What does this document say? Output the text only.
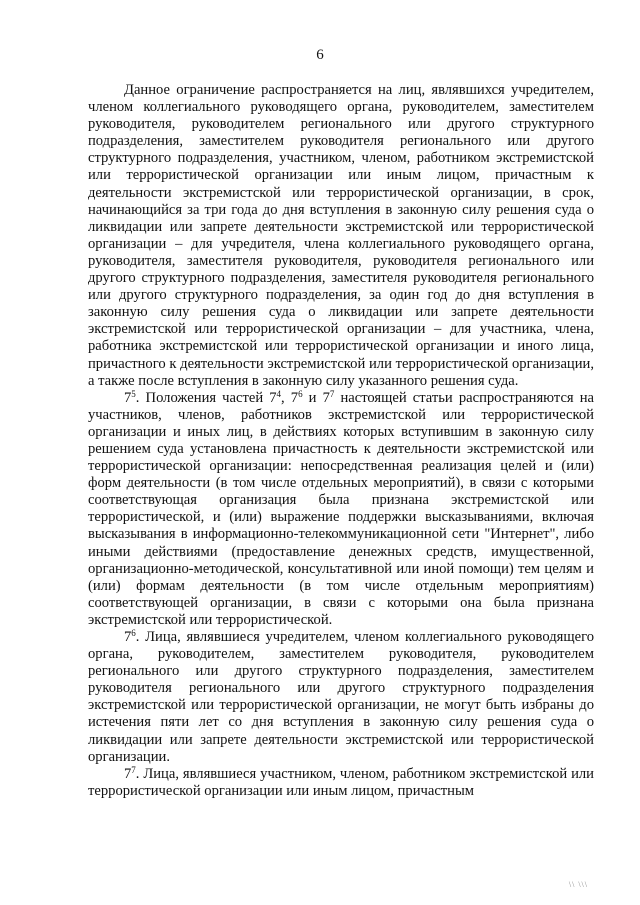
6

Данное ограничение распространяется на лиц, являвшихся учредителем, членом коллегиального руководящего органа, руководителем, заместителем руководителя, руководителем регионального или другого структурного подразделения, заместителем руководителя регионального или другого структурного подразделения, участником, членом, работником экстремистской или террористической организации или иным лицом, причастным к деятельности экстремистской или террористической организации, в срок, начинающийся за три года до дня вступления в законную силу решения суда о ликвидации или запрете деятельности экстремистской или террористической организации – для учредителя, члена коллегиального руководящего органа, руководителя, заместителя руководителя, руководителя регионального или другого структурного подразделения, заместителя руководителя регионального или другого структурного подразделения, за один год до дня вступления в законную силу решения суда о ликвидации или запрете деятельности экстремистской или террористической организации – для участника, члена, работника экстремистской или террористической организации и иного лица, причастного к деятельности экстремистской или террористической организации, а также после вступления в законную силу указанного решения суда.

$7^5$. Положения частей $7^4$, $7^6$ и $7^7$ настоящей статьи распространяются на участников, членов, работников экстремистской или террористической организации и иных лиц, в действиях которых вступившим в законную силу решением суда установлена причастность к деятельности экстремистской или террористической организации: непосредственная реализация целей и (или) форм деятельности (в том числе отдельных мероприятий), в связи с которыми соответствующая организация была признана экстремистской или террористической, и (или) выражение поддержки высказываниями, включая высказывания в информационно-телекоммуникационной сети "Интернет", либо иными действиями (предоставление денежных средств, имущественной, организационно-методической, консультативной или иной помощи) тем целям и (или) формам деятельности (в том числе отдельным мероприятиям) соответствующей организации, в связи с которыми она была признана экстремистской или террористической.

$7^6$. Лица, являвшиеся учредителем, членом коллегиального руководящего органа, руководителем, заместителем руководителя, руководителем регионального или другого структурного подразделения, заместителем руководителя регионального или другого структурного подразделения экстремистской или террористической организации, не могут быть избраны до истечения пяти лет со дня вступления в законную силу решения суда о ликвидации или запрете деятельности экстремистской или террористической организации.

$7^7$. Лица, являвшиеся участником, членом, работником экстремистской или террористической организации или иным лицом, причастным

\\ \\\
